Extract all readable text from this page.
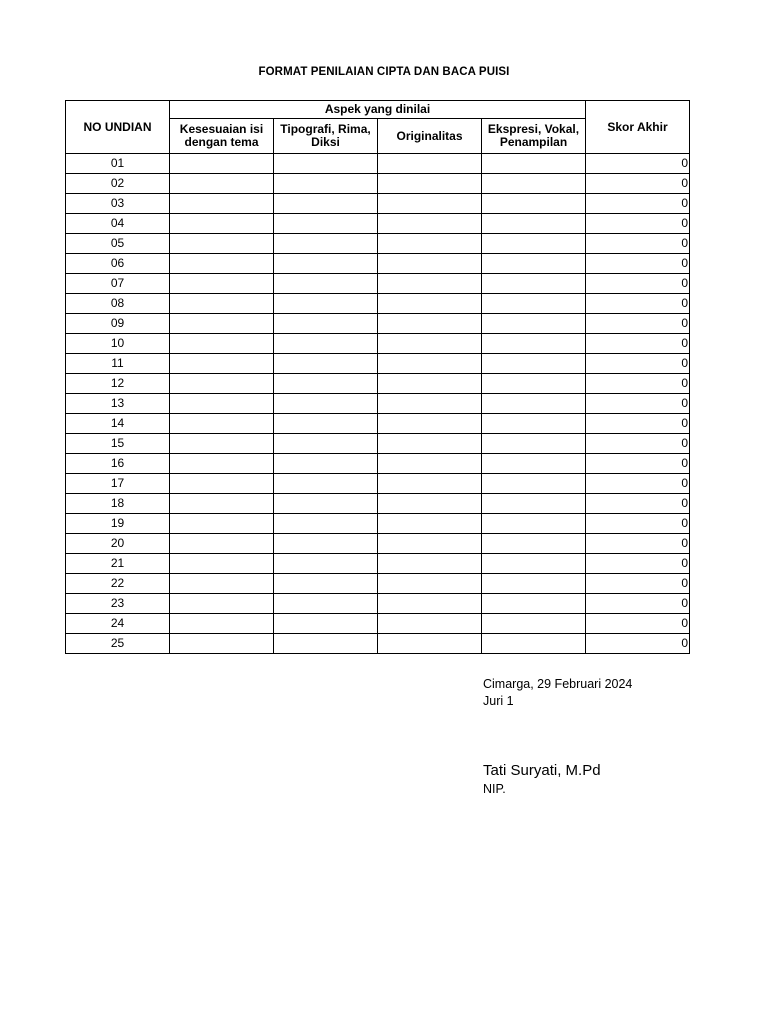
FORMAT PENILAIAN CIPTA DAN BACA PUISI
NO UNDIAN	Aspek yang dinilai				Skor Akhir
	Kesesuaian isi dengan tema	Tipografi, Rima, Diksi	Originalitas	Ekspresi, Vokal, Penampilan	
01					0
02					0
03					0
04					0
05					0
06					0
07					0
08					0
09					0
10					0
11					0
12					0
13					0
14					0
15					0
16					0
17					0
18					0
19					0
20					0
21					0
22					0
23					0
24					0
25					0
Cimarga, 29 Februari 2024
Juri 1
Tati Suryati, M.Pd
NIP.
